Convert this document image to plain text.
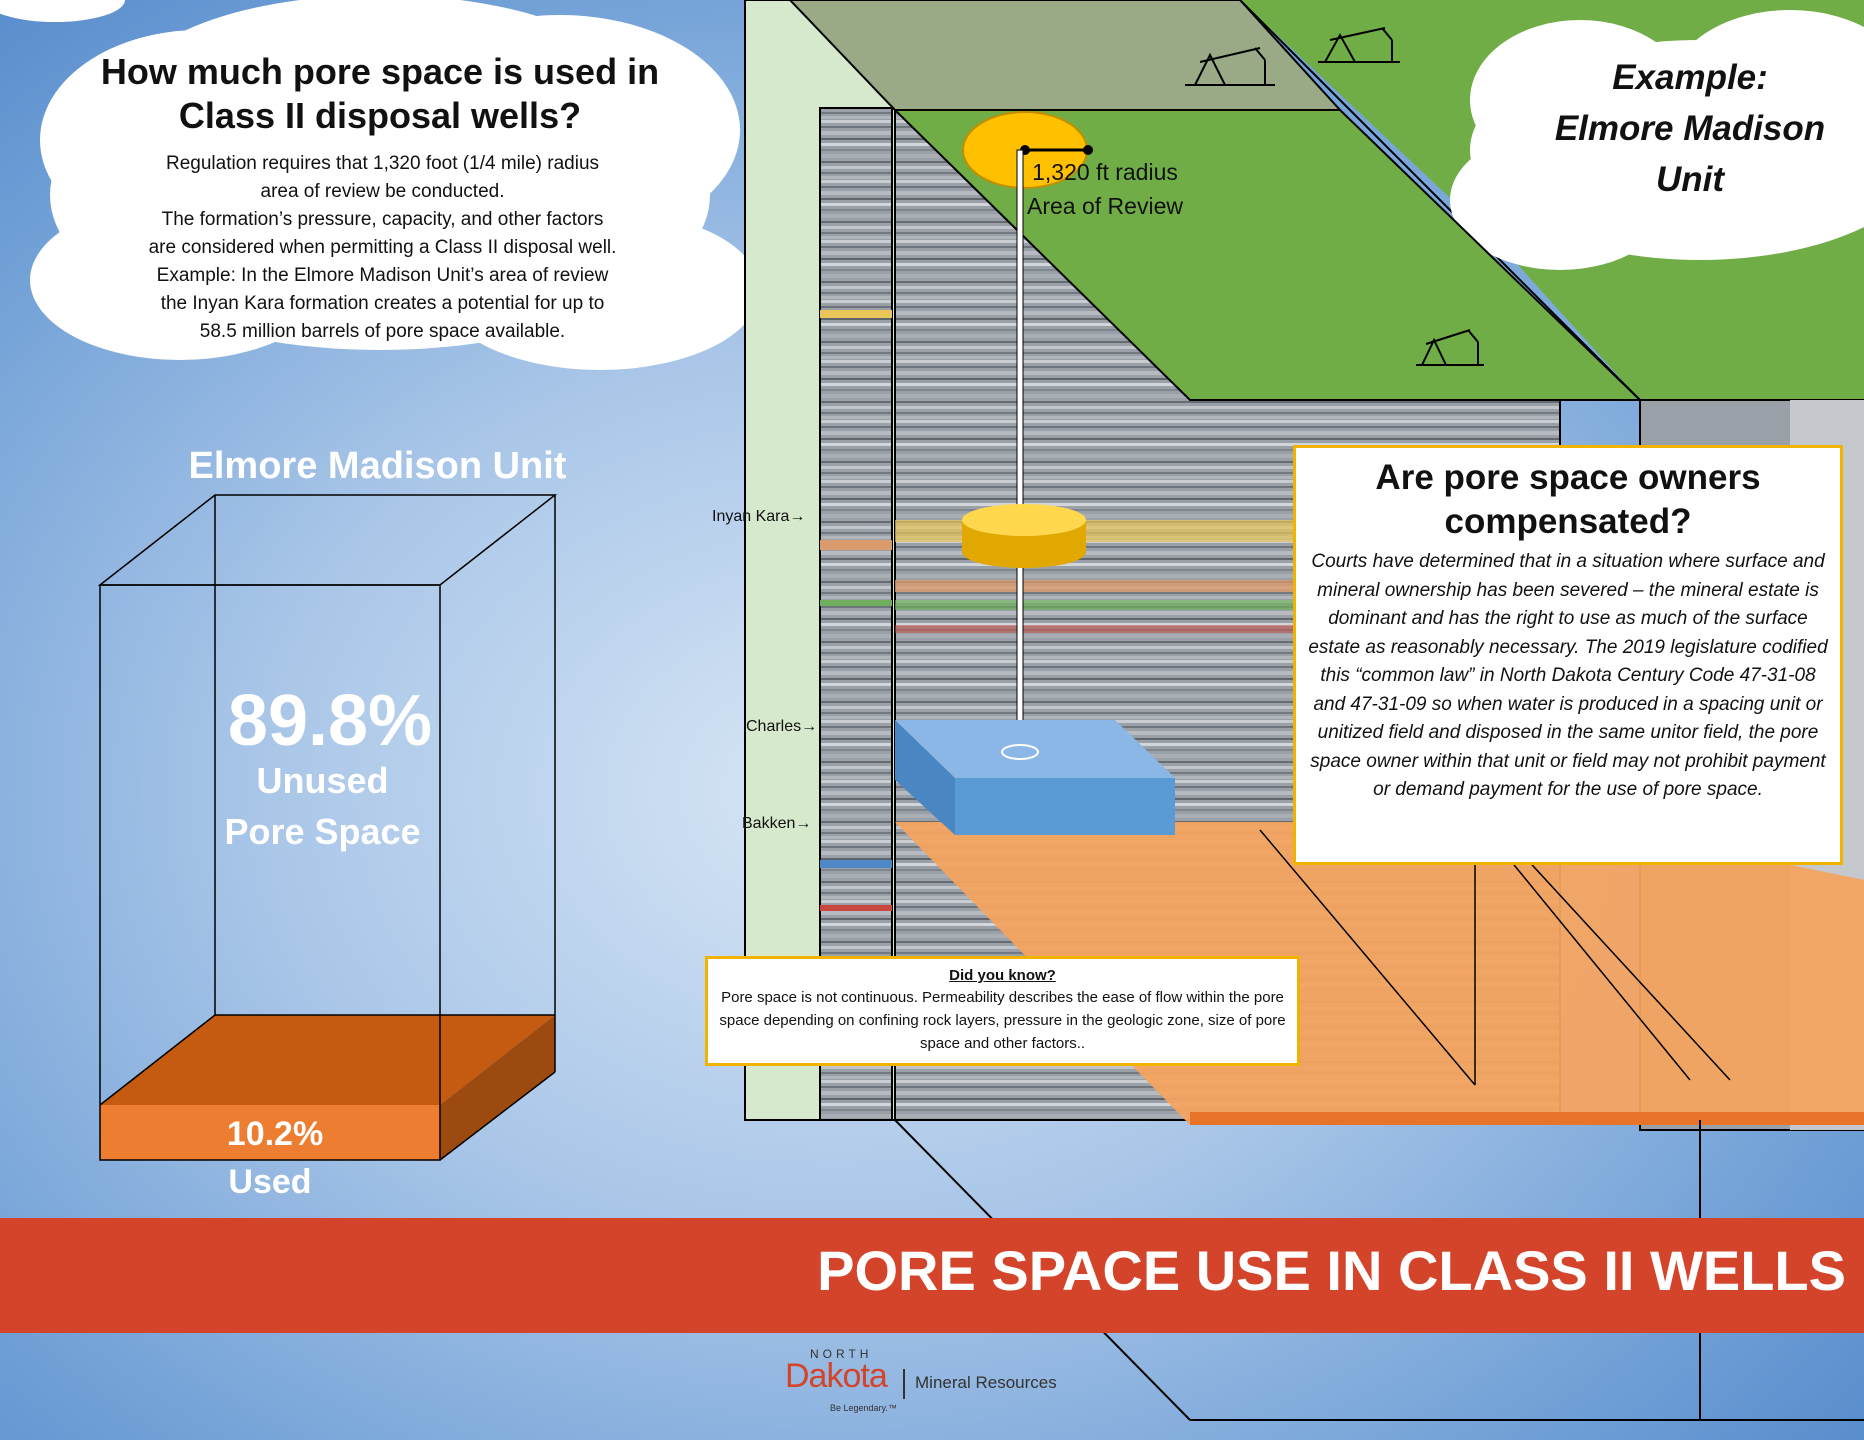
How much pore space is used in Class II disposal wells?
Regulation requires that 1,320 foot (1/4 mile) radius
area of review be conducted.
The formation’s pressure, capacity, and other factors
are considered when permitting a Class II disposal well.
Example: In the Elmore Madison Unit’s area of review
the Inyan Kara formation creates a potential for up to
58.5 million barrels of pore space available.
Example:
Elmore Madison
Unit
Elmore Madison Unit
89.8%
Unused
Pore Space
10.2%
Used
1,320 ft radius
Area of Review
Inyan Kara→
Charles→
Bakken→
Are pore space owners
compensated?
Courts have determined that in a situation where surface and mineral ownership has been severed – the mineral estate is dominant and has the right to use as much of the surface estate as reasonably necessary. The 2019 legislature codified this “common law” in North Dakota Century Code 47-31-08 and 47-31-09 so when water is produced in a spacing unit or unitized field and disposed in the same unitor field, the pore space owner within that unit or field may not prohibit payment or demand payment for the use of pore space.
Did you know?
Pore space is not continuous. Permeability describes the ease of flow within the pore space depending on confining rock layers, pressure in the geologic zone, size of pore space and other factors..
PORE SPACE USE IN CLASS II WELLS
NORTH
Dakota Mineral Resources
Be Legendary.™
